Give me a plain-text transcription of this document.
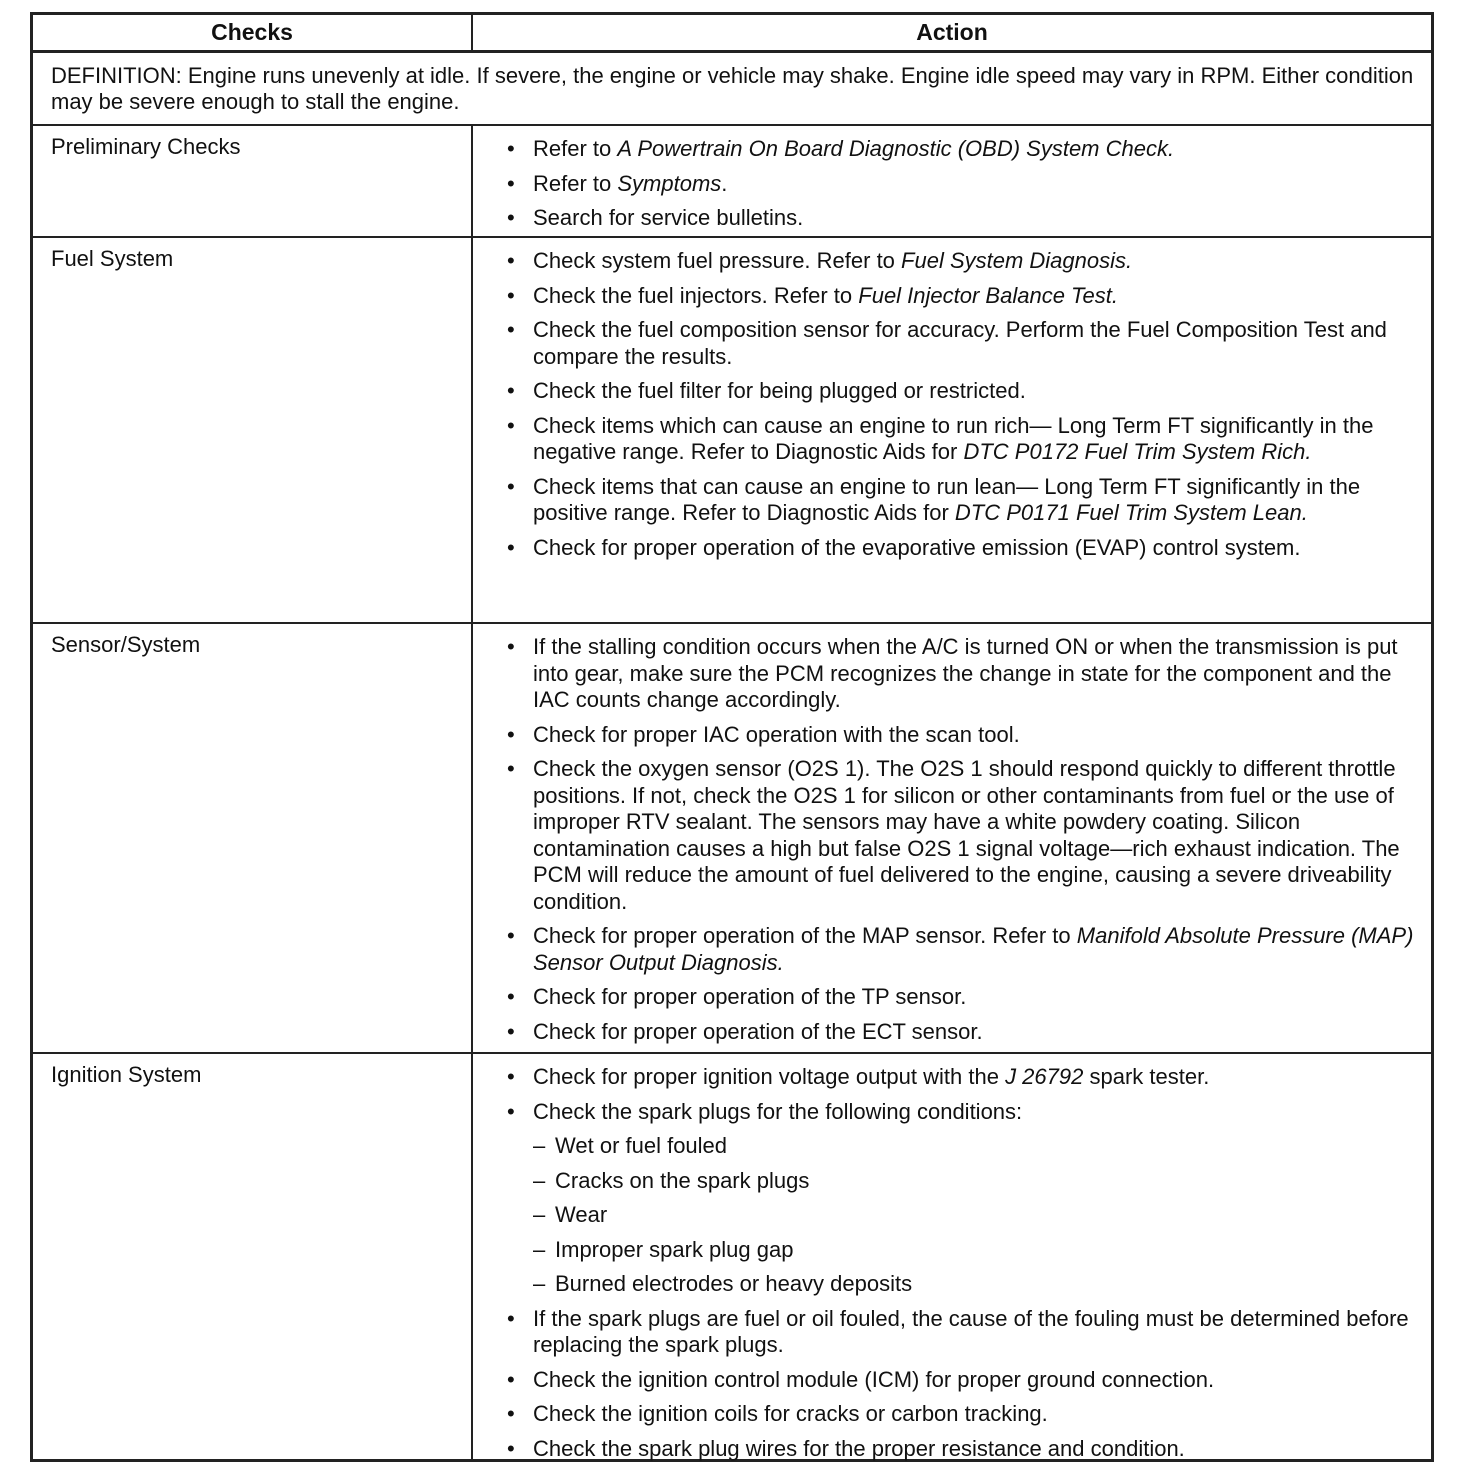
Checks	Action
DEFINITION: Engine runs unevenly at idle. If severe, the engine or vehicle may shake. Engine idle speed may vary in RPM. Either condition may be severe enough to stall the engine.
Preliminary Checks	• Refer to A Powertrain On Board Diagnostic (OBD) System Check.
• Refer to Symptoms.
• Search for service bulletins.
Fuel System	• Check system fuel pressure. Refer to Fuel System Diagnosis.
• Check the fuel injectors. Refer to Fuel Injector Balance Test.
• Check the fuel composition sensor for accuracy. Perform the Fuel Composition Test and compare the results.
• Check the fuel filter for being plugged or restricted.
• Check items which can cause an engine to run rich— Long Term FT significantly in the negative range. Refer to Diagnostic Aids for DTC P0172 Fuel Trim System Rich.
• Check items that can cause an engine to run lean— Long Term FT significantly in the positive range. Refer to Diagnostic Aids for DTC P0171 Fuel Trim System Lean.
• Check for proper operation of the evaporative emission (EVAP) control system.
Sensor/System	• If the stalling condition occurs when the A/C is turned ON or when the transmission is put into gear, make sure the PCM recognizes the change in state for the component and the IAC counts change accordingly.
• Check for proper IAC operation with the scan tool.
• Check the oxygen sensor (O2S 1). The O2S 1 should respond quickly to different throttle positions. If not, check the O2S 1 for silicon or other contaminants from fuel or the use of improper RTV sealant. The sensors may have a white powdery coating. Silicon contamination causes a high but false O2S 1 signal voltage—rich exhaust indication. The PCM will reduce the amount of fuel delivered to the engine, causing a severe driveability condition.
• Check for proper operation of the MAP sensor. Refer to Manifold Absolute Pressure (MAP) Sensor Output Diagnosis.
• Check for proper operation of the TP sensor.
• Check for proper operation of the ECT sensor.
Ignition System	• Check for proper ignition voltage output with the J 26792 spark tester.
• Check the spark plugs for the following conditions:
– Wet or fuel fouled
– Cracks on the spark plugs
– Wear
– Improper spark plug gap
– Burned electrodes or heavy deposits
• If the spark plugs are fuel or oil fouled, the cause of the fouling must be determined before replacing the spark plugs.
• Check the ignition control module (ICM) for proper ground connection.
• Check the ignition coils for cracks or carbon tracking.
• Check the spark plug wires for the proper resistance and condition.
